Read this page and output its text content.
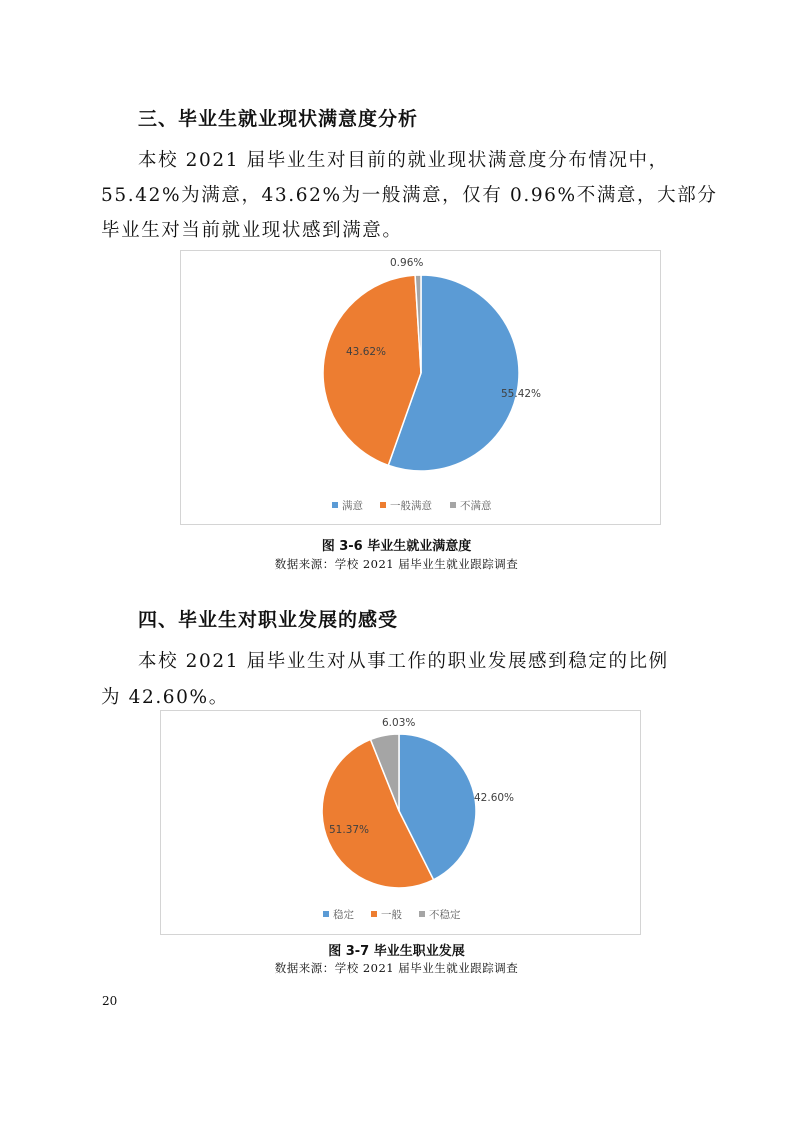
三、毕业生就业现状满意度分析
本校 2021 届毕业生对目前的就业现状满意度分布情况中，
55.42%为满意，43.62%为一般满意，仅有 0.96%不满意，大部分
毕业生对当前就业现状感到满意。
55.42%
43.62%
0.96%
满意	一般满意	不满意
图 3-6 毕业生就业满意度
数据来源：学校 2021 届毕业生就业跟踪调查
四、毕业生对职业发展的感受
本校 2021 届毕业生对从事工作的职业发展感到稳定的比例
为 42.60%。
42.60%
51.37%
6.03%
稳定	一般	不稳定
图 3-7 毕业生职业发展
数据来源：学校 2021 届毕业生就业跟踪调查
20
